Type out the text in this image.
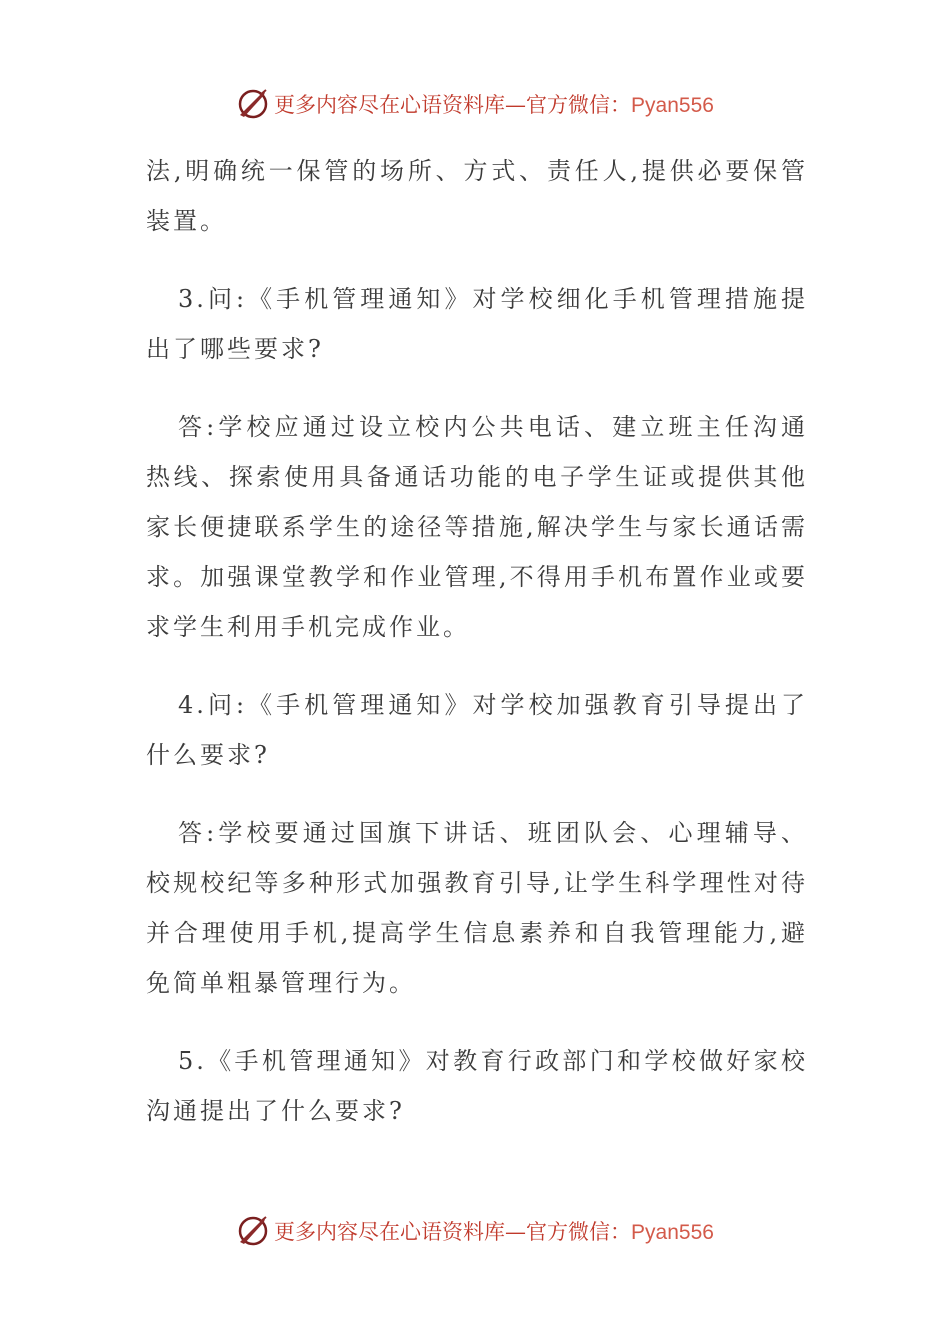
更多内容尽在心语资料库—官方微信：Pyan556

法,明确统一保管的场所、方式、责任人,提供必要保管装置。

3.问:《手机管理通知》对学校细化手机管理措施提出了哪些要求?

答:学校应通过设立校内公共电话、建立班主任沟通热线、探索使用具备通话功能的电子学生证或提供其他家长便捷联系学生的途径等措施,解决学生与家长通话需求。加强课堂教学和作业管理,不得用手机布置作业或要求学生利用手机完成作业。

4.问:《手机管理通知》对学校加强教育引导提出了什么要求?

答:学校要通过国旗下讲话、班团队会、心理辅导、校规校纪等多种形式加强教育引导,让学生科学理性对待并合理使用手机,提高学生信息素养和自我管理能力,避免简单粗暴管理行为。

5.《手机管理通知》对教育行政部门和学校做好家校沟通提出了什么要求?

更多内容尽在心语资料库—官方微信：Pyan556
